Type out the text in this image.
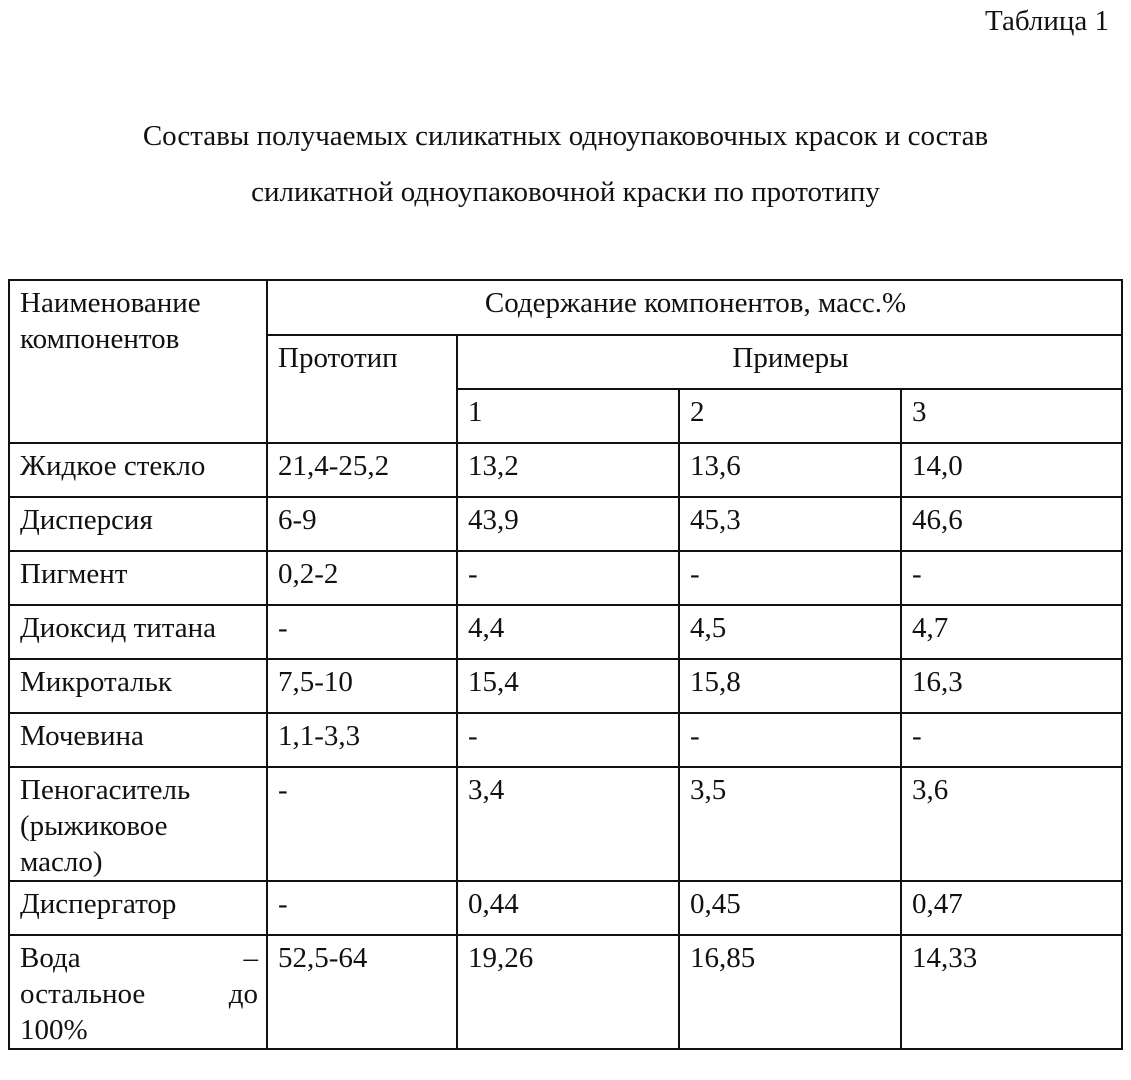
Таблица 1
Составы получаемых силикатных одноупаковочных красок и состав
силикатной одноупаковочной краски по прототипу
Наименование
компонентов	Содержание компонентов, масс.%			
	Прототип	Примеры		
		1	2	3
Жидкое стекло	21,4-25,2	13,2	13,6	14,0
Дисперсия	6-9	43,9	45,3	46,6
Пигмент	0,2-2	-	-	-
Диоксид титана	-	4,4	4,5	4,7
Микротальк	7,5-10	15,4	15,8	16,3
Мочевина	1,1-3,3	-	-	-

Пеногаситель
(рыжиковое
масло)	-	3,4	3,5	3,6
Диспергатор	-	0,44	0,45	0,47

Вода –
остальное до
100%	52,5-64	19,26	16,85	14,33
